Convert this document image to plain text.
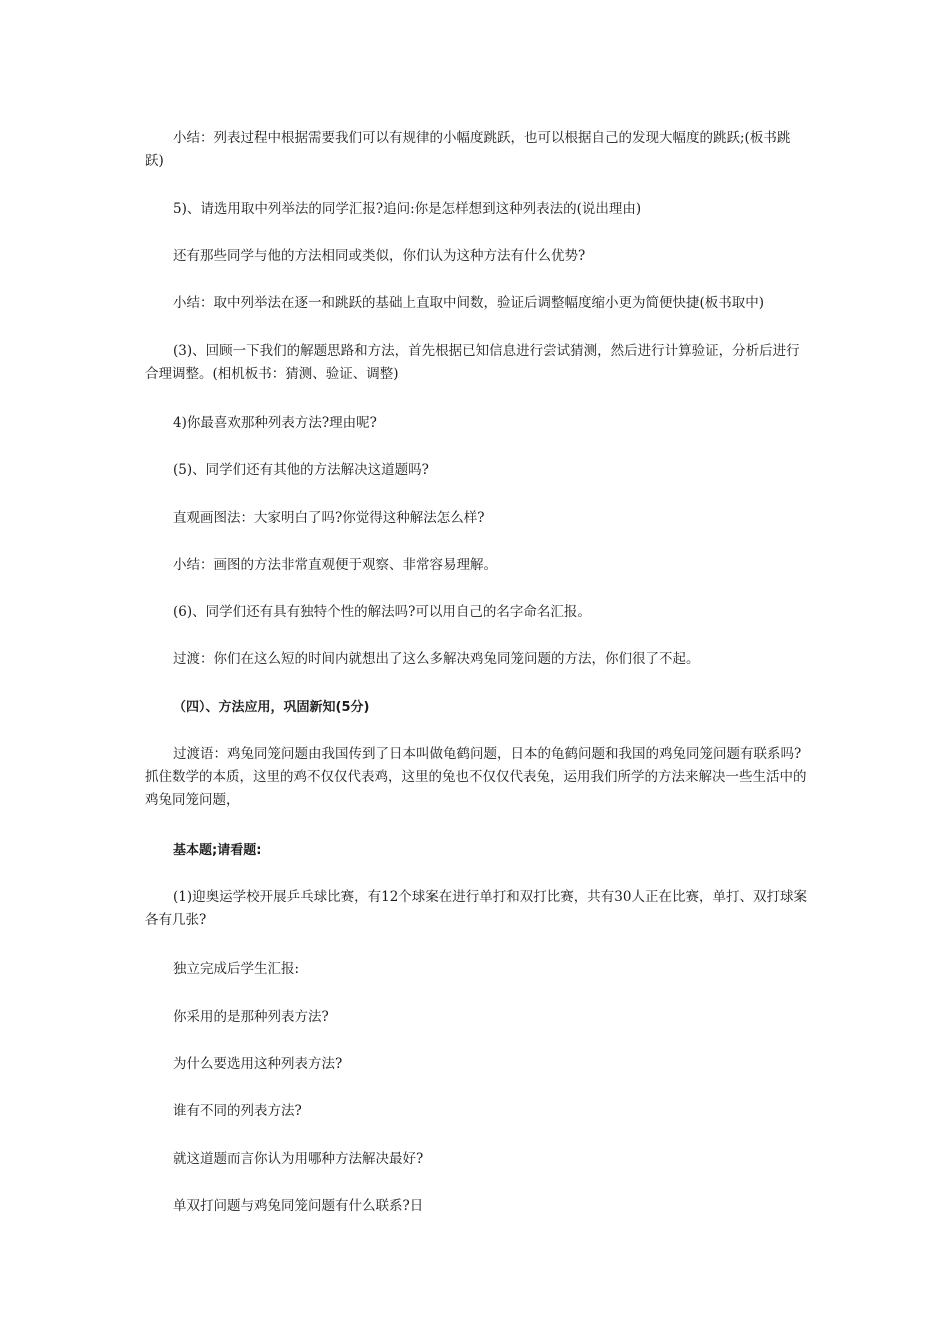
小结：列表过程中根据需要我们可以有规律的小幅度跳跃，也可以根据自己的发现大幅度的跳跃;(板书跳跃)

5)、请选用取中列举法的同学汇报?追问:你是怎样想到这种列表法的(说出理由)

还有那些同学与他的方法相同或类似，你们认为这种方法有什么优势?

小结：取中列举法在逐一和跳跃的基础上直取中间数，验证后调整幅度缩小更为简便快捷(板书取中)

(3)、回顾一下我们的解题思路和方法，首先根据已知信息进行尝试猜测，然后进行计算验证，分析后进行合理调整。(相机板书：猜测、验证、调整)

4)你最喜欢那种列表方法?理由呢?

(5)、同学们还有其他的方法解决这道题吗?

直观画图法：大家明白了吗?你觉得这种解法怎么样?

小结：画图的方法非常直观便于观察、非常容易理解。

(6)、同学们还有具有独特个性的解法吗?可以用自己的名字命名汇报。

过渡：你们在这么短的时间内就想出了这么多解决鸡兔同笼问题的方法，你们很了不起。

（四）、方法应用，巩固新知(5分)

过渡语：鸡兔同笼问题由我国传到了日本叫做龟鹤问题，日本的龟鹤问题和我国的鸡兔同笼问题有联系吗?抓住数学的本质，这里的鸡不仅仅代表鸡，这里的兔也不仅仅代表兔，运用我们所学的方法来解决一些生活中的鸡兔同笼问题，

基本题;请看题:

(1)迎奥运学校开展乒乓球比赛，有12个球案在进行单打和双打比赛，共有30人正在比赛，单打、双打球案各有几张?

独立完成后学生汇报:

你采用的是那种列表方法?

为什么要选用这种列表方法?

谁有不同的列表方法?

就这道题而言你认为用哪种方法解决最好?

单双打问题与鸡兔同笼问题有什么联系?日
